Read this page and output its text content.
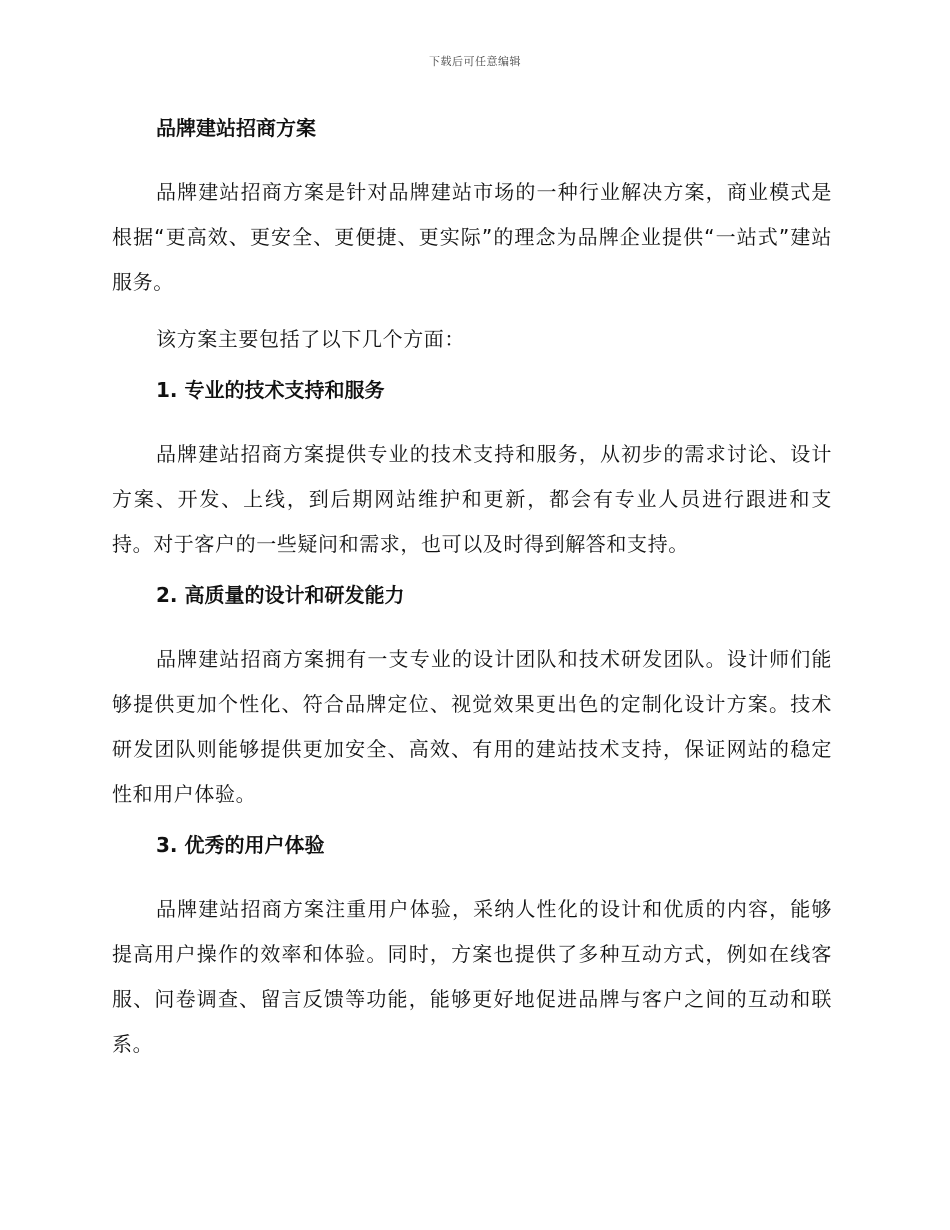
下载后可任意编辑
品牌建站招商方案

品牌建站招商方案是针对品牌建站市场的一种行业解决方案，商业模式是根据“更高效、更安全、更便捷、更实际”的理念为品牌企业提供“一站式”建站服务。

该方案主要包括了以下几个方面：

1. 专业的技术支持和服务

品牌建站招商方案提供专业的技术支持和服务，从初步的需求讨论、设计方案、开发、上线，到后期网站维护和更新，都会有专业人员进行跟进和支持。对于客户的一些疑问和需求，也可以及时得到解答和支持。

2. 高质量的设计和研发能力

品牌建站招商方案拥有一支专业的设计团队和技术研发团队。设计师们能够提供更加个性化、符合品牌定位、视觉效果更出色的定制化设计方案。技术研发团队则能够提供更加安全、高效、有用的建站技术支持，保证网站的稳定性和用户体验。

3. 优秀的用户体验

品牌建站招商方案注重用户体验，采纳人性化的设计和优质的内容，能够提高用户操作的效率和体验。同时，方案也提供了多种互动方式，例如在线客服、问卷调查、留言反馈等功能，能够更好地促进品牌与客户之间的互动和联系。
